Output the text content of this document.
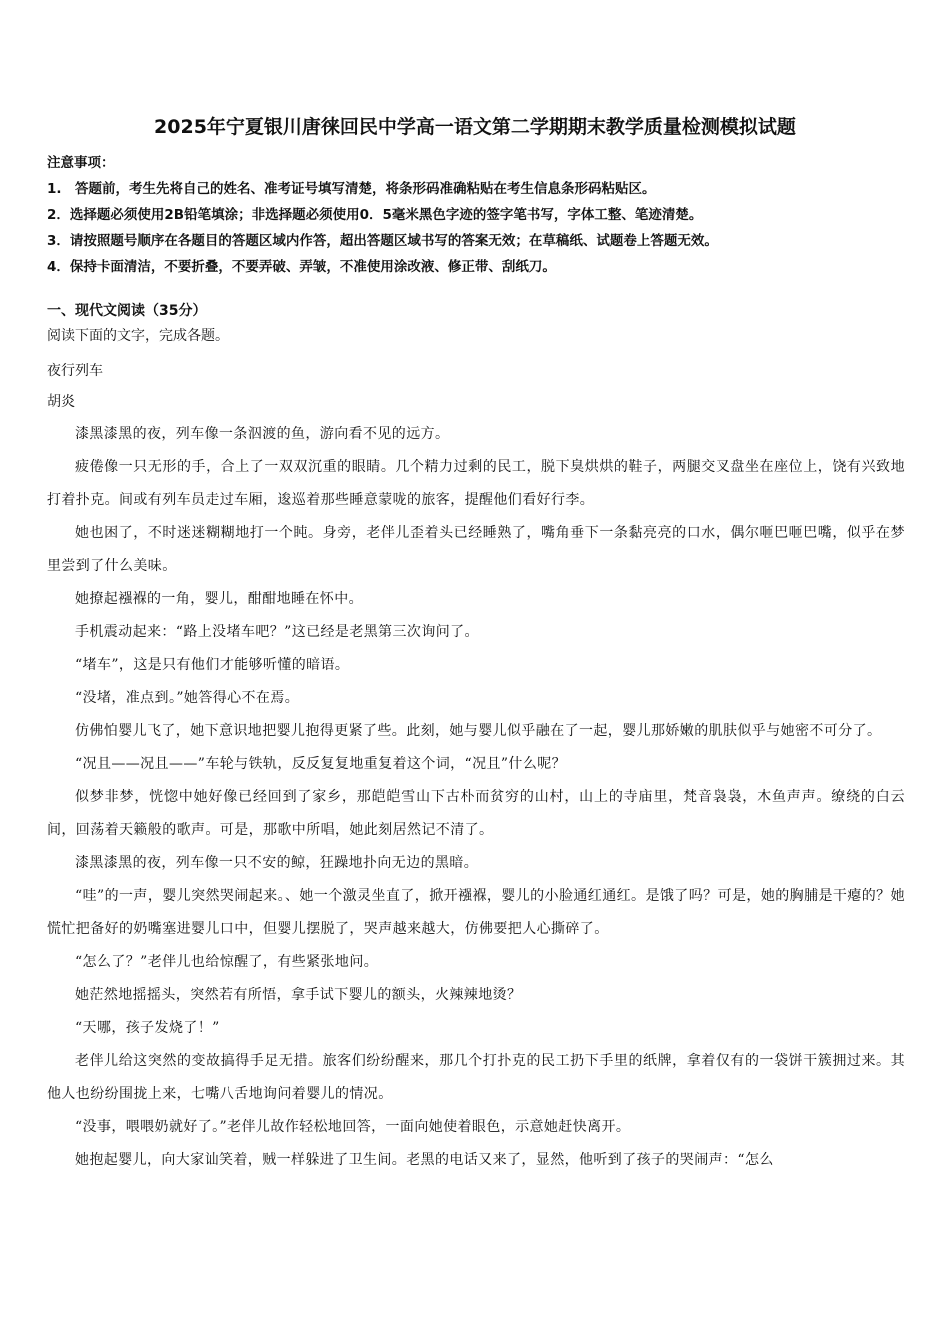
2025年宁夏银川唐徕回民中学高一语文第二学期期末教学质量检测模拟试题
注意事项：
1.　答题前，考生先将自己的姓名、准考证号填写清楚，将条形码准确粘贴在考生信息条形码粘贴区。
2．选择题必须使用2B铅笔填涂；非选择题必须使用0．5毫米黑色字迹的签字笔书写，字体工整、笔迹清楚。
3．请按照题号顺序在各题目的答题区域内作答，超出答题区域书写的答案无效；在草稿纸、试题卷上答题无效。
4．保持卡面清洁，不要折叠，不要弄破、弄皱，不准使用涂改液、修正带、刮纸刀。
一、现代文阅读（35分）
阅读下面的文字，完成各题。
夜行列车
胡炎

漆黑漆黑的夜，列车像一条泅渡的鱼，游向看不见的远方。

疲倦像一只无形的手，合上了一双双沉重的眼睛。几个精力过剩的民工，脱下臭烘烘的鞋子，两腿交叉盘坐在座位上，饶有兴致地打着扑克。间或有列车员走过车厢，逡巡着那些睡意蒙咙的旅客，提醒他们看好行李。

她也困了，不时迷迷糊糊地打一个盹。身旁，老伴儿歪着头已经睡熟了，嘴角垂下一条黏亮亮的口水，偶尔咂巴咂巴嘴，似乎在梦里尝到了什么美味。

她撩起襁褓的一角，婴儿，酣酣地睡在怀中。

手机震动起来：“路上没堵车吧？”这已经是老黑第三次询问了。

“堵车”，这是只有他们才能够听懂的暗语。

“没堵，准点到。”她答得心不在焉。

仿佛怕婴儿飞了，她下意识地把婴儿抱得更紧了些。此刻，她与婴儿似乎融在了一起，婴儿那娇嫩的肌肤似乎与她密不可分了。

“况且——况且——”车轮与铁轨，反反复复地重复着这个词，“况且”什么呢？

似梦非梦，恍惚中她好像已经回到了家乡，那皑皑雪山下古朴而贫穷的山村，山上的寺庙里，梵音袅袅，木鱼声声。缭绕的白云间，回荡着天籁般的歌声。可是，那歌中所唱，她此刻居然记不清了。

漆黑漆黑的夜，列车像一只不安的鲸，狂躁地扑向无边的黑暗。

“哇”的一声，婴儿突然哭闹起来。、她一个激灵坐直了，掀开襁褓，婴儿的小脸通红通红。是饿了吗？可是，她的胸脯是干瘪的？她慌忙把备好的奶嘴塞进婴儿口中，但婴儿摆脱了，哭声越来越大，仿佛要把人心撕碎了。

“怎么了？”老伴儿也给惊醒了，有些紧张地问。

她茫然地摇摇头，突然若有所悟，拿手试下婴儿的额头，火辣辣地烫？

“天哪，孩子发烧了！”

老伴儿给这突然的变故搞得手足无措。旅客们纷纷醒来，那几个打扑克的民工扔下手里的纸牌，拿着仅有的一袋饼干簇拥过来。其他人也纷纷围拢上来，七嘴八舌地询问着婴儿的情况。

“没事，喂喂奶就好了。”老伴儿故作轻松地回答，一面向她使着眼色，示意她赶快离开。

她抱起婴儿，向大家讪笑着，贼一样躲进了卫生间。老黑的电话又来了，显然，他听到了孩子的哭闹声：“怎么
